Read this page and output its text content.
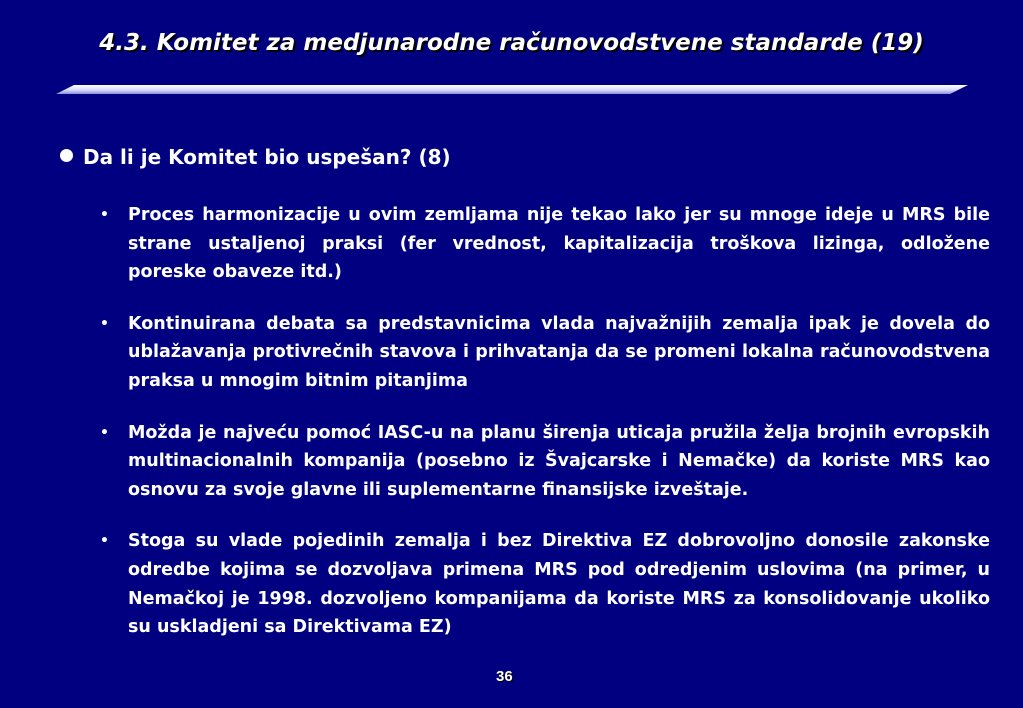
4.3. Komitet za medjunarodne računovodstvene standarde (19)
Da li je Komitet bio uspešan? (8)
• Proces harmonizacije u ovim zemljama nije tekao lako jer su mnoge ideje u MRS bile strane ustaljenoj praksi (fer vrednost, kapitalizacija troškova lizinga, odložene poreske obaveze itd.)
• Kontinuirana debata sa predstavnicima vlada najvažnijih zemalja ipak je dovela do ublažavanja protivrečnih stavova i prihvatanja da se promeni lokalna računovodstvena praksa u mnogim bitnim pitanjima
• Možda je najveću pomoć IASC-u na planu širenja uticaja pružila želja brojnih evropskih multinacionalnih kompanija (posebno iz Švajcarske i Nemačke) da koriste MRS kao osnovu za svoje glavne ili suplementarne finansijske izveštaje.
• Stoga su vlade pojedinih zemalja i bez Direktiva EZ dobrovoljno donosile zakonske odredbe kojima se dozvoljava primena MRS pod odredjenim uslovima (na primer, u Nemačkoj je 1998. dozvoljeno kompanijama da koriste MRS za konsolidovanje ukoliko su uskladjeni sa Direktivama EZ)
36
